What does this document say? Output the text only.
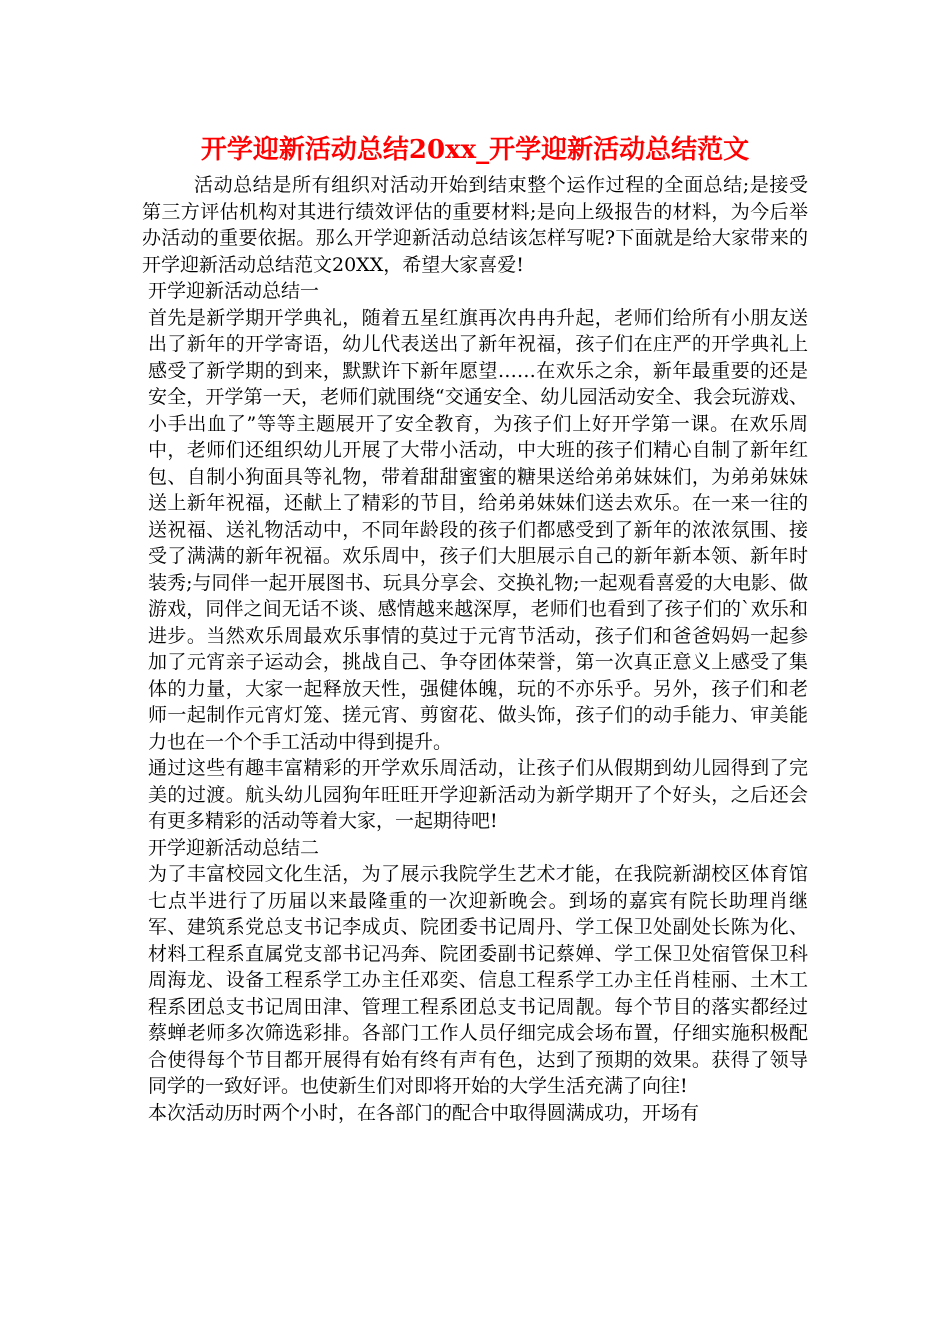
开学迎新活动总结20xx_开学迎新活动总结范文

活动总结是所有组织对活动开始到结束整个运作过程的全面总结;是接受第三方评估机构对其进行绩效评估的重要材料;是向上级报告的材料，为今后举办活动的重要依据。那么开学迎新活动总结该怎样写呢?下面就是给大家带来的开学迎新活动总结范文20XX，希望大家喜爱!

开学迎新活动总结一

首先是新学期开学典礼，随着五星红旗再次冉冉升起，老师们给所有小朋友送出了新年的开学寄语，幼儿代表送出了新年祝福，孩子们在庄严的开学典礼上感受了新学期的到来，默默许下新年愿望……在欢乐之余，新年最重要的还是安全，开学第一天，老师们就围绕“交通安全、幼儿园活动安全、我会玩游戏、小手出血了”等等主题展开了安全教育，为孩子们上好开学第一课。在欢乐周中，老师们还组织幼儿开展了大带小活动，中大班的孩子们精心自制了新年红包、自制小狗面具等礼物，带着甜甜蜜蜜的糖果送给弟弟妹妹们，为弟弟妹妹送上新年祝福，还献上了精彩的节目，给弟弟妹妹们送去欢乐。在一来一往的送祝福、送礼物活动中，不同年龄段的孩子们都感受到了新年的浓浓氛围、接受了满满的新年祝福。欢乐周中，孩子们大胆展示自己的新年新本领、新年时装秀;与同伴一起开展图书、玩具分享会、交换礼物;一起观看喜爱的大电影、做游戏，同伴之间无话不谈、感情越来越深厚，老师们也看到了孩子们的`欢乐和进步。当然欢乐周最欢乐事情的莫过于元宵节活动，孩子们和爸爸妈妈一起参加了元宵亲子运动会，挑战自己、争夺团体荣誉，第一次真正意义上感受了集体的力量，大家一起释放天性，强健体魄，玩的不亦乐乎。另外，孩子们和老师一起制作元宵灯笼、搓元宵、剪窗花、做头饰，孩子们的动手能力、审美能力也在一个个手工活动中得到提升。

通过这些有趣丰富精彩的开学欢乐周活动，让孩子们从假期到幼儿园得到了完美的过渡。航头幼儿园狗年旺旺开学迎新活动为新学期开了个好头，之后还会有更多精彩的活动等着大家，一起期待吧!

开学迎新活动总结二

为了丰富校园文化生活，为了展示我院学生艺术才能，在我院新湖校区体育馆七点半进行了历届以来最隆重的一次迎新晚会。到场的嘉宾有院长助理肖继军、建筑系党总支书记李成贞、院团委书记周丹、学工保卫处副处长陈为化、材料工程系直属党支部书记冯奔、院团委副书记蔡婵、学工保卫处宿管保卫科周海龙、设备工程系学工办主任邓奕、信息工程系学工办主任肖桂丽、土木工程系团总支书记周田津、管理工程系团总支书记周靓。每个节目的落实都经过蔡蝉老师多次筛选彩排。各部门工作人员仔细完成会场布置，仔细实施积极配合使得每个节目都开展得有始有终有声有色，达到了预期的效果。获得了领导同学的一致好评。也使新生们对即将开始的大学生活充满了向往!

本次活动历时两个小时，在各部门的配合中取得圆满成功，开场有
